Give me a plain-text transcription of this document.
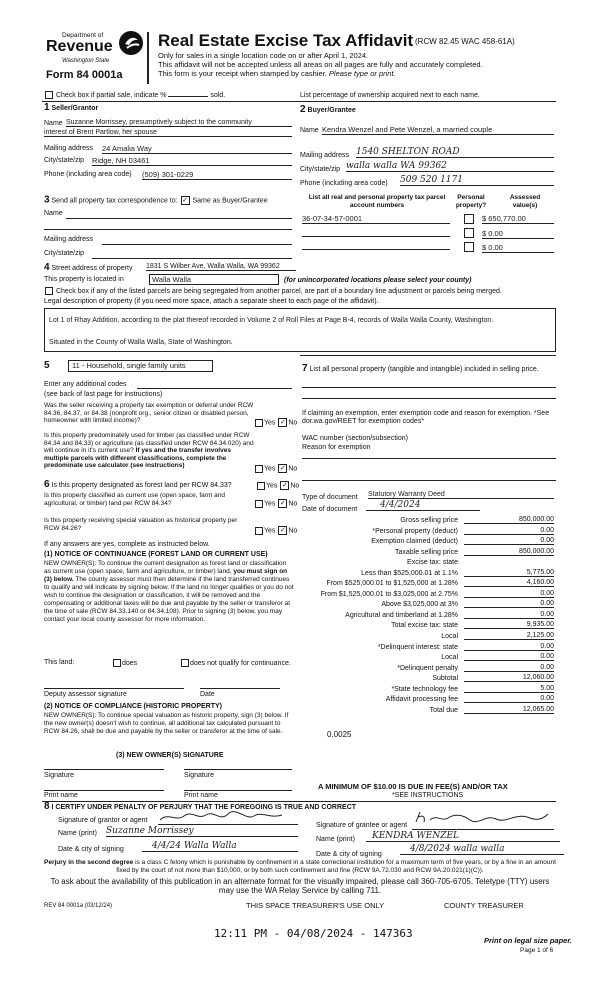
Department of
Revenue
Washington State
Form 84 0001a
Real Estate Excise Tax Affidavit (RCW 82.45 WAC 458-61A)
Only for sales in a single location code on or after April 1, 2024.
This affidavit will not be accepted unless all areas on all pages are fully and accurately completed.
This form is your receipt when stamped by cashier. Please type or print.
Check box if partial sale, indicate %	sold.	List percentage of ownership acquired next to each name.
1 Seller/Grantor
Name Suzanne Morrissey, presumptively subject to the community
interest of Brent Partlow, her spouse
Mailing address 24 Amalia Way
City/state/zip Ridge, NH 03461
Phone (including area code) (509) 301-0229
2 Buyer/Grantee
Name Kendra Wenzel and Pete Wenzel, a married couple
Mailing address 1540 SHELTON ROAD
City/state/zip walla walla WA 99362
Phone (including area code) 509 520 1171
3 Send all property tax correspondence to: ✓ Same as Buyer/Grantee
Name
Mailing address
City/state/zip
List all real and personal property tax parcel account numbers
Personal property?
Assessed value(s)
36-07-34-57-0001	$ 650,770.00
$ 0.00
$ 0.00
4 Street address of property 1831 S Wilber Ave, Walla Walla, WA 99362
This property is located in	Walla Walla	(for unincorporated locations please select your county)
Check box if any of the listed parcels are being segregated from another parcel, are part of a boundary line adjustment or parcels being merged.
Legal description of property (if you need more space, attach a separate sheet to each page of the affidavit).
Lot 1 of Rhay Addition, according to the plat thereof recorded in Volume 2 of Roll Files at Page B-4, records of Walla Walla County, Washington.
Situated in the County of Walla Walla, State of Washington.
5	11 - Household, single family units
Enter any additional codes
(see back of last page for instructions)
Was the seller receiving a property tax exemption or deferral under RCW 84.36, 84.37, or 84.38 (nonprofit org., senior citizen or disabled person, homeowner with limited income)?	Yes ✓ No
Is this property predominately used for timber (as classified under RCW 84.34 and 84.33) or agriculture (as classified under RCW 84.34.020) and will continue in it's current use? If yes and the transfer involves multiple parcels with different classifications, complete the predominate use calculator (see instructions)	Yes ✓ No
7 List all personal property (tangible and intangible) included in selling price.
If claiming an exemption, enter exemption code and reason for exemption. *See dor.wa.gov/REET for exemption codes*
WAC number (section/subsection)
Reason for exemption
6 Is this property designated as forest land per RCW 84.33?	Yes ✓ No
Is this property classified as current use (open space, farm and agricultural, or timber) land per RCW 84.34?	Yes ✓ No
Is this property receiving special valuation as historical property per RCW 84.26?	Yes ✓ No
If any answers are yes, complete as instructed below.
(1) NOTICE OF CONTINUANCE (FOREST LAND OR CURRENT USE)
NEW OWNER(S): To continue the current designation as forest land or classification as current use (open space, farm and agriculture, or timber) land, you must sign on (3) below. The county assessor must then determine if the land transferred continues to qualify and will indicate by signing below. If the land no longer qualifies or you do not wish to continue the designation or classification, it will be removed and the compensating or additional taxes will be due and payable by the seller or transferor at the time of sale (RCW 84.33.140 or 84.34.108). Prior to signing (3) below, you may contact your local county assessor for more information.
This land:	does	does not qualify for continuance.
Deputy assessor signature	Date
(2) NOTICE OF COMPLIANCE (HISTORIC PROPERTY)
NEW OWNER(S): To continue special valuation as historic property, sign (3) below. If the new owner(s) doesn't wish to continue, all additional tax calculated pursuant to RCW 84.26, shall be due and payable by the seller or transferor at the time of sale.
(3) NEW OWNER(S) SIGNATURE
Signature	Signature
Print name	Print name
Type of document Statutory Warranty Deed
Date of document	4/4/2024
Gross selling price	850,000.00
*Personal property (deduct)	0.00
Exemption claimed (deduct)	0.00
Taxable selling price	850,000.00
Excise tax: state
Less than $525,000.01 at 1.1%	5,775.00
From $525,000.01 to $1,525,000 at 1.28%	4,160.00
From $1,525,000.01 to $3,025,000 at 2.75%	0.00
Above $3,025,000 at 3%	0.00
Agricultural and timberland at 1.28%	0.00
Total excise tax: state	9,935.00
Local	2,125.00
*Delinquent interest: state	0.00
Local	0.00
*Delinquent penalty	0.00
Subtotal	12,060.00
*State technology fee	5.00
Affidavit processing fee	0.00
Total due	12,065.00
0.0025
A MINIMUM OF $10.00 IS DUE IN FEE(S) AND/OR TAX
*SEE INSTRUCTIONS
8 I CERTIFY UNDER PENALTY OF PERJURY THAT THE FOREGOING IS TRUE AND CORRECT
Signature of grantor or agent
Name (print) Suzanne Morrissey
Date & city of signing	4/4/24 Walla Walla
Signature of grantee or agent
Name (print)	KENDRA WENZEL
Date & city of signing
4/8/2024 walla walla
Perjury in the second degree is a class C felony which is punishable by confinement in a state correctional institution for a maximum term of five years, or by a fine in an amount fixed by the court of not more than $10,000, or by both such confinement and fine (RCW 9A.72.030 and RCW 9A.20.021(1)(C)).
To ask about the availability of this publication in an alternate format for the visually impaired, please call 360-705-6705. Teletype (TTY) users may use the WA Relay Service by calling 711.
REV 84 0001a (03/12/24)	THIS SPACE TREASURER'S USE ONLY	COUNTY TREASURER
12:11 PM - 04/08/2024 - 147363
Print on legal size paper.
Page 1 of 6
